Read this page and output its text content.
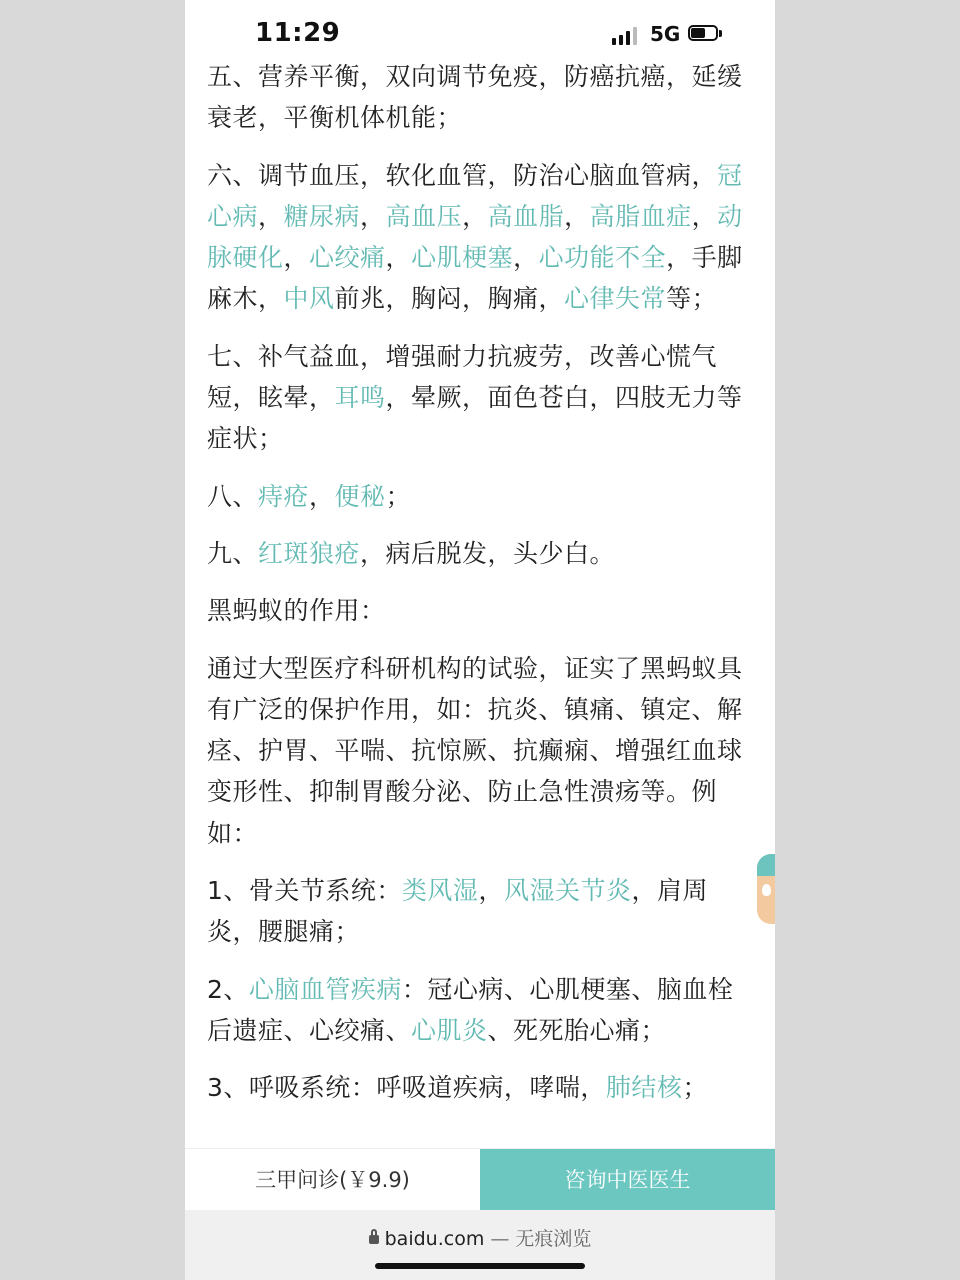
11:29	5G

五、营养平衡，双向调节免疫，防癌抗癌，延缓衰老，平衡机体机能；

六、调节血压，软化血管，防治心脑血管病，冠心病，糖尿病，高血压，高血脂，高脂血症，动脉硬化，心绞痛，心肌梗塞，心功能不全，手脚麻木，中风前兆，胸闷，胸痛，心律失常等；

七、补气益血，增强耐力抗疲劳，改善心慌气短，眩晕，耳鸣，晕厥，面色苍白，四肢无力等症状；

八、痔疮，便秘；

九、红斑狼疮，病后脱发，头少白。

黑蚂蚁的作用：

通过大型医疗科研机构的试验，证实了黑蚂蚁具有广泛的保护作用，如：抗炎、镇痛、镇定、解痉、护胃、平喘、抗惊厥、抗癫痫、增强红血球变形性、抑制胃酸分泌、防止急性溃疡等。例如：

1、骨关节系统：类风湿，风湿关节炎，肩周炎，腰腿痛；

2、心脑血管疾病：冠心病、心肌梗塞、脑血栓后遗症、心绞痛、心肌炎、死死胎心痛；

3、呼吸系统：呼吸道疾病，哮喘，肺结核；

三甲问诊(￥9.9)	咨询中医医生
baidu.com — 无痕浏览
